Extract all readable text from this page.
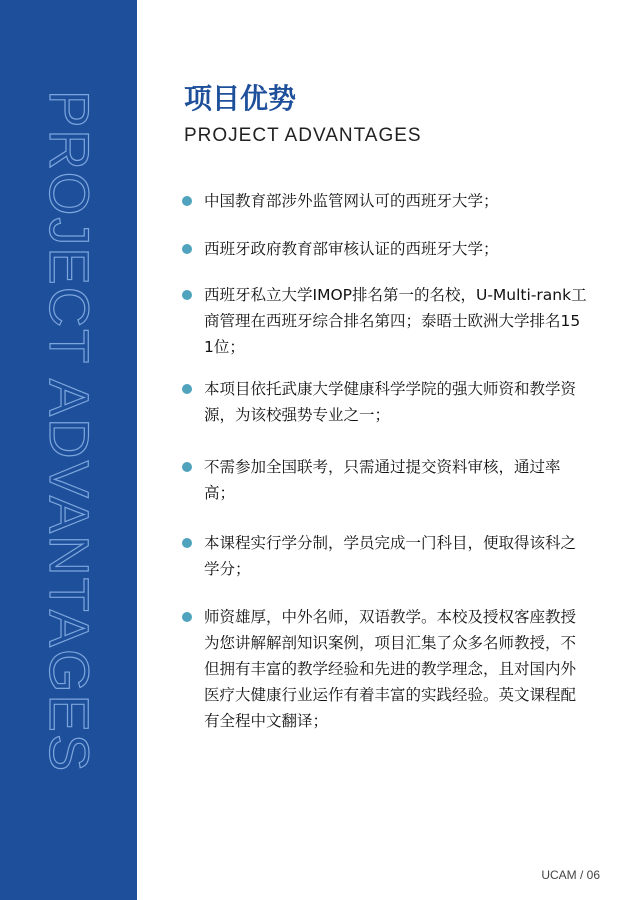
PROJECT ADVANTAGES	项目优势
PROJECT ADVANTAGES
中国教育部涉外监管网认可的西班牙大学；
西班牙政府教育部审核认证的西班牙大学；
西班牙私立大学IMOP排名第一的名校，U-Multi-rank工商管理在西班牙综合排名第四；泰晤士欧洲大学排名151位；
本项目依托武康大学健康科学学院的强大师资和教学资源，为该校强势专业之一；
不需参加全国联考，只需通过提交资料审核，通过率高；
本课程实行学分制，学员完成一门科目，便取得该科之学分；
师资雄厚，中外名师，双语教学。本校及授权客座教授为您讲解解剖知识案例，项目汇集了众多名师教授，不但拥有丰富的教学经验和先进的教学理念，且对国内外医疗大健康行业运作有着丰富的实践经验。英文课程配有全程中文翻译；
UCAM / 06
